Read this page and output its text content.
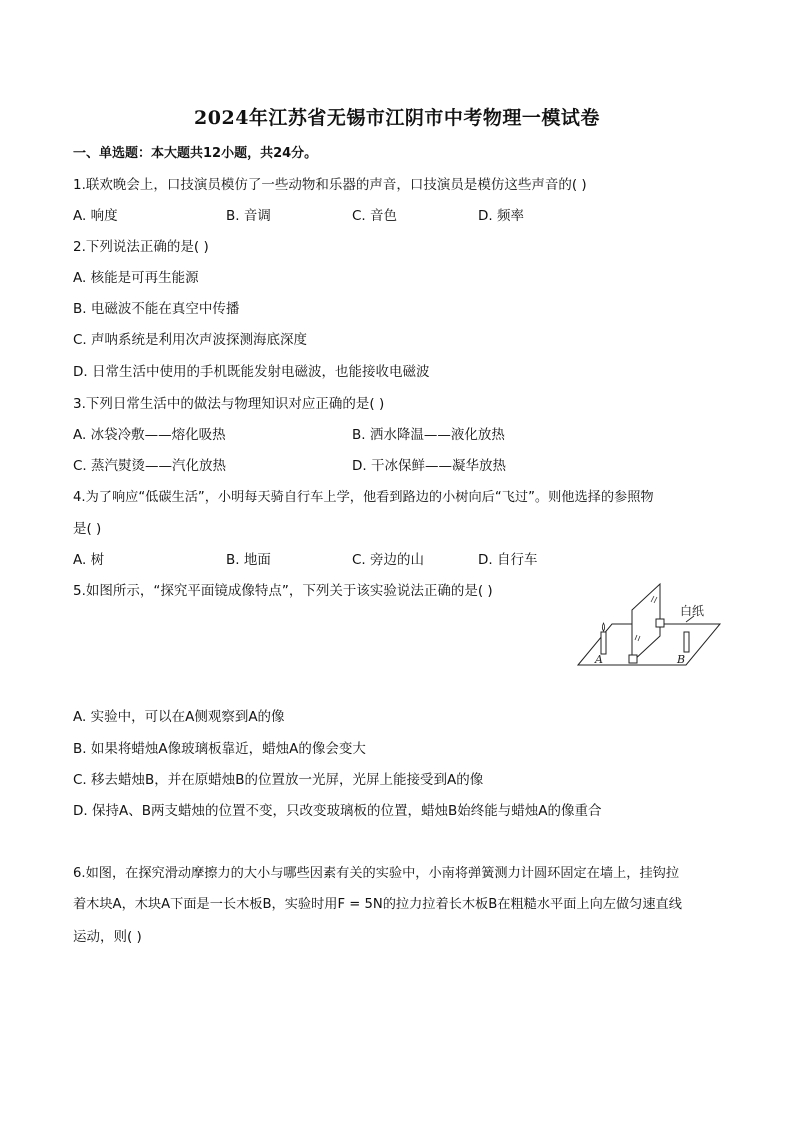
2024年江苏省无锡市江阴市中考物理一模试卷
一、单选题：本大题共12小题，共24分。
1.联欢晚会上，口技演员模仿了一些动物和乐器的声音，口技演员是模仿这些声音的( )
A. 响度	B. 音调	C. 音色	D. 频率
2.下列说法正确的是( )
A. 核能是可再生能源
B. 电磁波不能在真空中传播
C. 声呐系统是利用次声波探测海底深度
D. 日常生活中使用的手机既能发射电磁波，也能接收电磁波
3.下列日常生活中的做法与物理知识对应正确的是( )
A. 冰袋冷敷——熔化吸热	B. 洒水降温——液化放热
C. 蒸汽熨烫——汽化放热	D. 干冰保鲜——凝华放热
4.为了响应“低碳生活”，小明每天骑自行车上学，他看到路边的小树向后“飞过”。则他选择的参照物
是( )
A. 树	B. 地面	C. 旁边的山	D. 自行车
5.如图所示，“探究平面镜成像特点”，下列关于该实验说法正确的是( )
白纸
A	B
A. 实验中，可以在A侧观察到A的像
B. 如果将蜡烛A像玻璃板靠近，蜡烛A的像会变大
C. 移去蜡烛B，并在原蜡烛B的位置放一光屏，光屏上能接受到A的像
D. 保持A、B两支蜡烛的位置不变，只改变玻璃板的位置，蜡烛B始终能与蜡烛A的像重合
6.如图，在探究滑动摩擦力的大小与哪些因素有关的实验中，小南将弹簧测力计圆环固定在墙上，挂钩拉
着木块A，木块A下面是一长木板B，实验时用F = 5N的拉力拉着长木板B在粗糙水平面上向左做匀速直线
运动，则( )
